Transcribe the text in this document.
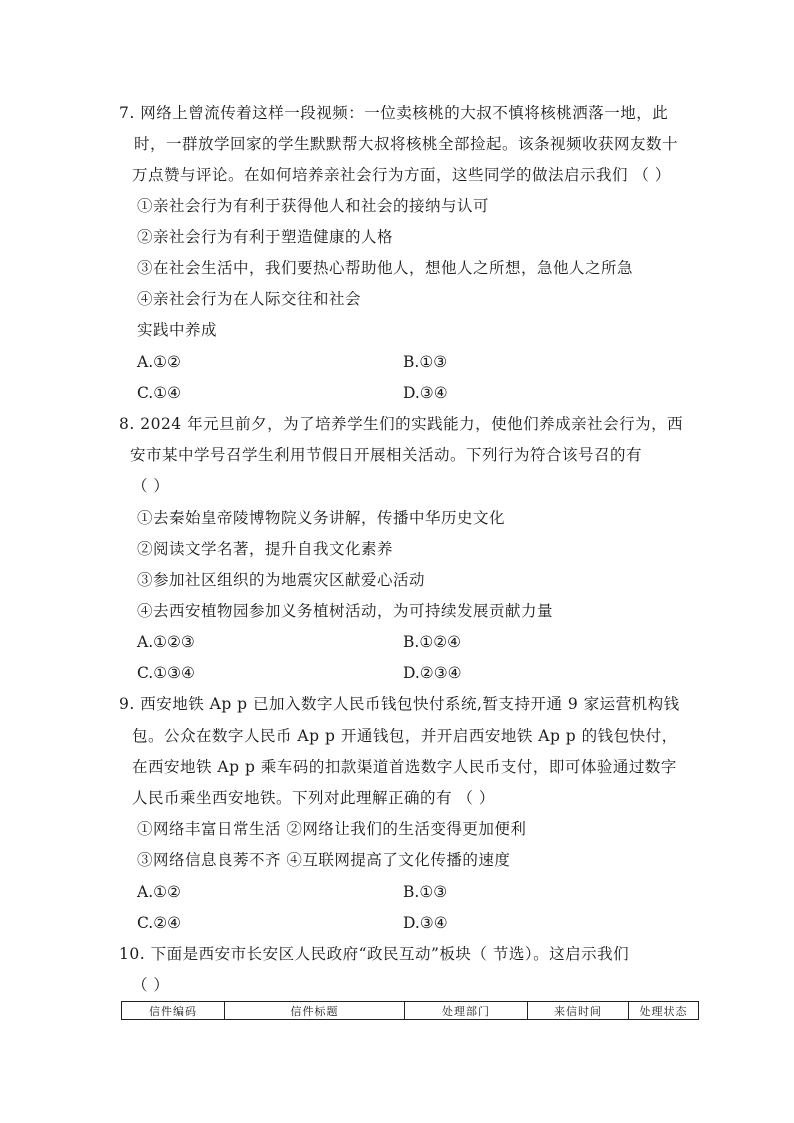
7. 网络上曾流传着这样一段视频：一位卖核桃的大叔不慎将核桃洒落一地，此
时，一群放学回家的学生默默帮大叔将核桃全部捡起。该条视频收获网友数十
万点赞与评论。在如何培养亲社会行为方面，这些同学的做法启示我们 （ ）
①亲社会行为有利于获得他人和社会的接纳与认可
②亲社会行为有利于塑造健康的人格
③在社会生活中，我们要热心帮助他人，想他人之所想，急他人之所急
④亲社会行为在人际交往和社会
实践中养成
A.①②	B.①③
C.①④	D.③④
8. 2024 年元旦前夕，为了培养学生们的实践能力，使他们养成亲社会行为，西
安市某中学号召学生利用节假日开展相关活动。下列行为符合该号召的有
（ ）
①去秦始皇帝陵博物院义务讲解，传播中华历史文化
②阅读文学名著，提升自我文化素养
③参加社区组织的为地震灾区献爱心活动
④去西安植物园参加义务植树活动，为可持续发展贡献力量
A.①②③	B.①②④
C.①③④	D.②③④
9. 西安地铁 Ap p 已加入数字人民币钱包快付系统,暂支持开通 9 家运营机构钱
包。公众在数字人民币 Ap p 开通钱包，并开启西安地铁 Ap p 的钱包快付，
在西安地铁 Ap p 乘车码的扣款渠道首选数字人民币支付，即可体验通过数字
人民币乘坐西安地铁。下列对此理解正确的有 （ ）
①网络丰富日常生活 ②网络让我们的生活变得更加便利
③网络信息良莠不齐 ④互联网提高了文化传播的速度
A.①②	B.①③
C.②④	D.③④
10. 下面是西安市长安区人民政府“政民互动”板块（ 节选）。这启示我们
（ ）
信件编码	信件标题	处理部门	来信时间	处理状态
